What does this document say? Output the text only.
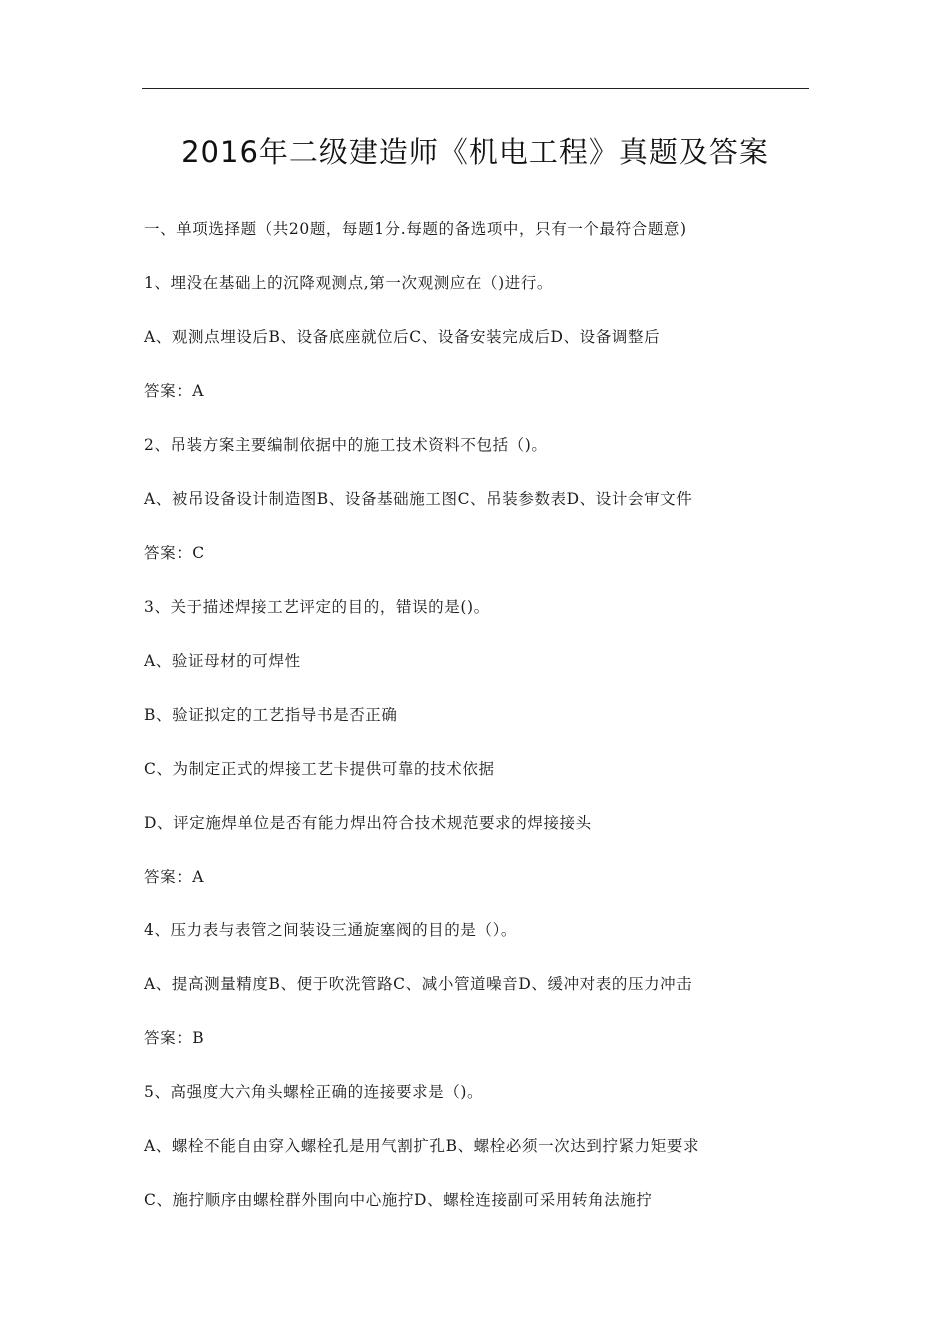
2016年二级建造师《机电工程》真题及答案
一、单项选择题（共20题，每题1分.每题的备选项中，只有一个最符合题意)
1、埋没在基础上的沉降观测点,第一次观测应在（)进行。
A、观测点埋设后B、设备底座就位后C、设备安装完成后D、设备调整后
答案：A
2、吊装方案主要编制依据中的施工技术资料不包括（)。
A、被吊设备设计制造图B、设备基础施工图C、吊装参数表D、设计会审文件
答案：C
3、关于描述焊接工艺评定的目的，错误的是()。
A、验证母材的可焊性
B、验证拟定的工艺指导书是否正确
C、为制定正式的焊接工艺卡提供可靠的技术依据
D、评定施焊单位是否有能力焊出符合技术规范要求的焊接接头
答案：A
4、压力表与表管之间装设三通旋塞阀的目的是（）。
A、提高测量精度B、便于吹洗管路C、减小管道噪音D、缓冲对表的压力冲击
答案：B
5、高强度大六角头螺栓正确的连接要求是（)。
A、螺栓不能自由穿入螺栓孔是用气割扩孔B、螺栓必须一次达到拧紧力矩要求
C、施拧顺序由螺栓群外围向中心施拧D、螺栓连接副可采用转角法施拧
